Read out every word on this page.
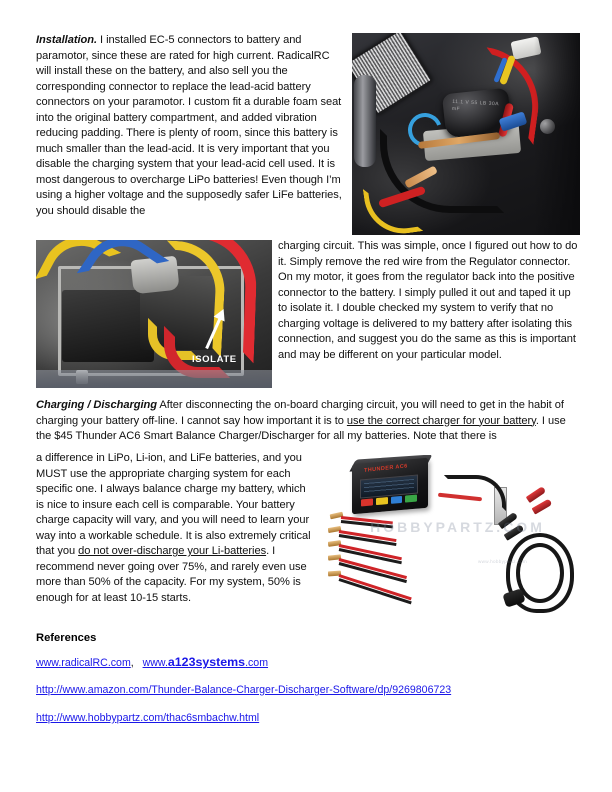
Installation. I installed EC-5 connectors to battery and paramotor, since these are rated for high current. RadicalRC will install these on the battery, and also sell you the corresponding connector to replace the lead-acid battery connectors on your paramotor. I custom fit a durable foam seat into the original battery compartment, and added vibration reducing padding. There is plenty of room, since this battery is much smaller than the lead-acid. It is very important that you disable the charging system that your lead-acid cell used. It is most dangerous to overcharge LiPo batteries! Even though I’m using a higher voltage and the supposedly safer LiFe batteries, you should disable the
11.1 V 55 LB 30A mF
ISOLATE
charging circuit. This was simple, once I figured out how to do it. Simply remove the red wire from the Regulator connector. On my motor, it goes from the regulator back into the positive connector to the battery. I simply pulled it out and taped it up to isolate it. I double checked my system to verify that no charging voltage is delivered to my battery after isolating this connection, and suggest you do the same as this is important and may be different on your particular model.
Charging / Discharging After disconnecting the on-board charging circuit, you will need to get in the habit of charging your battery off-line. I cannot say how important it is to use the correct charger for your battery. I use the $45 Thunder AC6 Smart Balance Charger/Discharger for all my batteries. Note that there is
a difference in LiPo, Li-ion, and LiFe batteries, and you MUST use the appropriate charging system for each specific one. I always balance charge my battery, which is nice to insure each cell is comparable. Your battery charge capacity will vary, and you will need to learn your way into a workable schedule. It is also extremely critical that you do not over-discharge your Li-batteries. I recommend never going over 75%, and rarely even use more than 50% of the capacity. For my system, 50% is enough for at least 10-15 starts.
THUNDER AC6
HOBBYPARTZ.COM
www.hobbypartz.com
References
www.radicalRC.com, www.a123systems.com
http://www.amazon.com/Thunder-Balance-Charger-Discharger-Software/dp/9269806723
http://www.hobbypartz.com/thac6smbachw.html
